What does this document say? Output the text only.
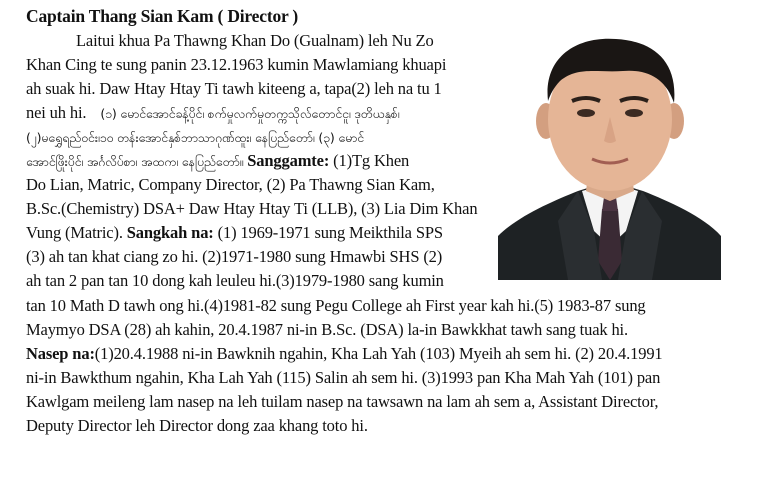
Captain Thang Sian Kam ( Director )
Laitui khua Pa Thawng Khan Do (Gualnam) leh Nu Zo
Khan Cing te sung panin 23.12.1963 kumin Mawlamiang khuapi
ah suak hi. Daw Htay Htay Ti tawh kiteeng a, tapa(2) leh na tu 1
nei uh hi. (၁) မောင်အောင်ခန့်ပိုင်၊ စက်မှုလက်မှုတက္ကသိုလ်တောင်ငူ၊ ဒုတိယနှစ်၊
(၂)မရွှေရည်ဝင်း၊၁၀ တန်းအောင်နှစ်ဘာသာဂုဏ်ထူး၊ နေပြည်တော်၊ (၃) မောင်
အောင်ဖြိုးပိုင်၊ အင်္ဂလိပ်စာ၊ အထက၊ နေပြည်တော်။ Sanggamte: (1)Tg Khen
Do Lian, Matric, Company Director, (2) Pa Thawng Sian Kam,
B.Sc.(Chemistry) DSA+ Daw Htay Htay Ti (LLB), (3) Lia Dim Khan
Vung (Matric). Sangkah na: (1) 1969-1971 sung Meikthila SPS
(3) ah tan khat ciang zo hi. (2)1971-1980 sung Hmawbi SHS (2)
ah tan 2 pan tan 10 dong kah leuleu hi.(3)1979-1980 sang kumin
tan 10 Math D tawh ong hi.(4)1981-82 sung Pegu College ah First year kah hi.(5) 1983-87 sung
Maymyo DSA (28) ah kahin, 20.4.1987 ni-in B.Sc. (DSA) la-in Bawkkhat tawh sang tuak hi.
Nasep na:(1)20.4.1988 ni-in Bawknih ngahin, Kha Lah Yah (103) Myeih ah sem hi. (2) 20.4.1991
ni-in Bawkthum ngahin, Kha Lah Yah (115) Salin ah sem hi. (3)1993 pan Kha Mah Yah (101) pan
Kawlgam meileng lam nasep na leh tuilam nasep na tawsawn na lam ah sem a, Assistant Director,
Deputy Director leh Director dong zaa khang toto hi.
